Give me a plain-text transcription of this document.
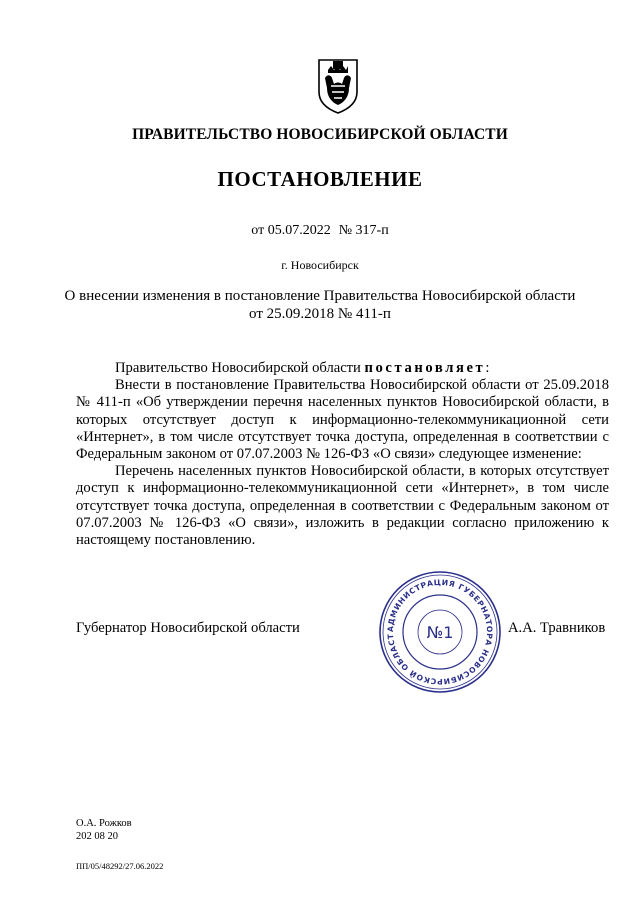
ПРАВИТЕЛЬСТВО НОВОСИБИРСКОЙ ОБЛАСТИ
ПОСТАНОВЛЕНИЕ
от 05.07.2022 № 317-п
г. Новосибирск
О внесении изменения в постановление Правительства Новосибирской области
от 25.09.2018 № 411-п

Правительство Новосибирской области постановляет:

Внести в постановление Правительства Новосибирской области от 25.09.2018 № 411-п «Об утверждении перечня населенных пунктов Новосибирской области, в которых отсутствует доступ к информационно-телекоммуникационной сети «Интернет», в том числе отсутствует точка доступа, определенная в соответствии с Федеральным законом от 07.07.2003 № 126-ФЗ «О связи» следующее изменение:

Перечень населенных пунктов Новосибирской области, в которых отсутствует доступ к информационно-телекоммуникационной сети «Интернет», в том числе отсутствует точка доступа, определенная в соответствии с Федеральным законом от 07.07.2003 № 126-ФЗ «О связи», изложить в редакции согласно приложению к настоящему постановлению.

Губернатор Новосибирской области	АДМИНИСТРАЦИЯ ГУБЕРНАТОРА НОВОСИБИРСКОЙ ОБЛАСТ	№1	А.А. Травников
О.А. Рожков
202 08 20
ПП/05/48292/27.06.2022
